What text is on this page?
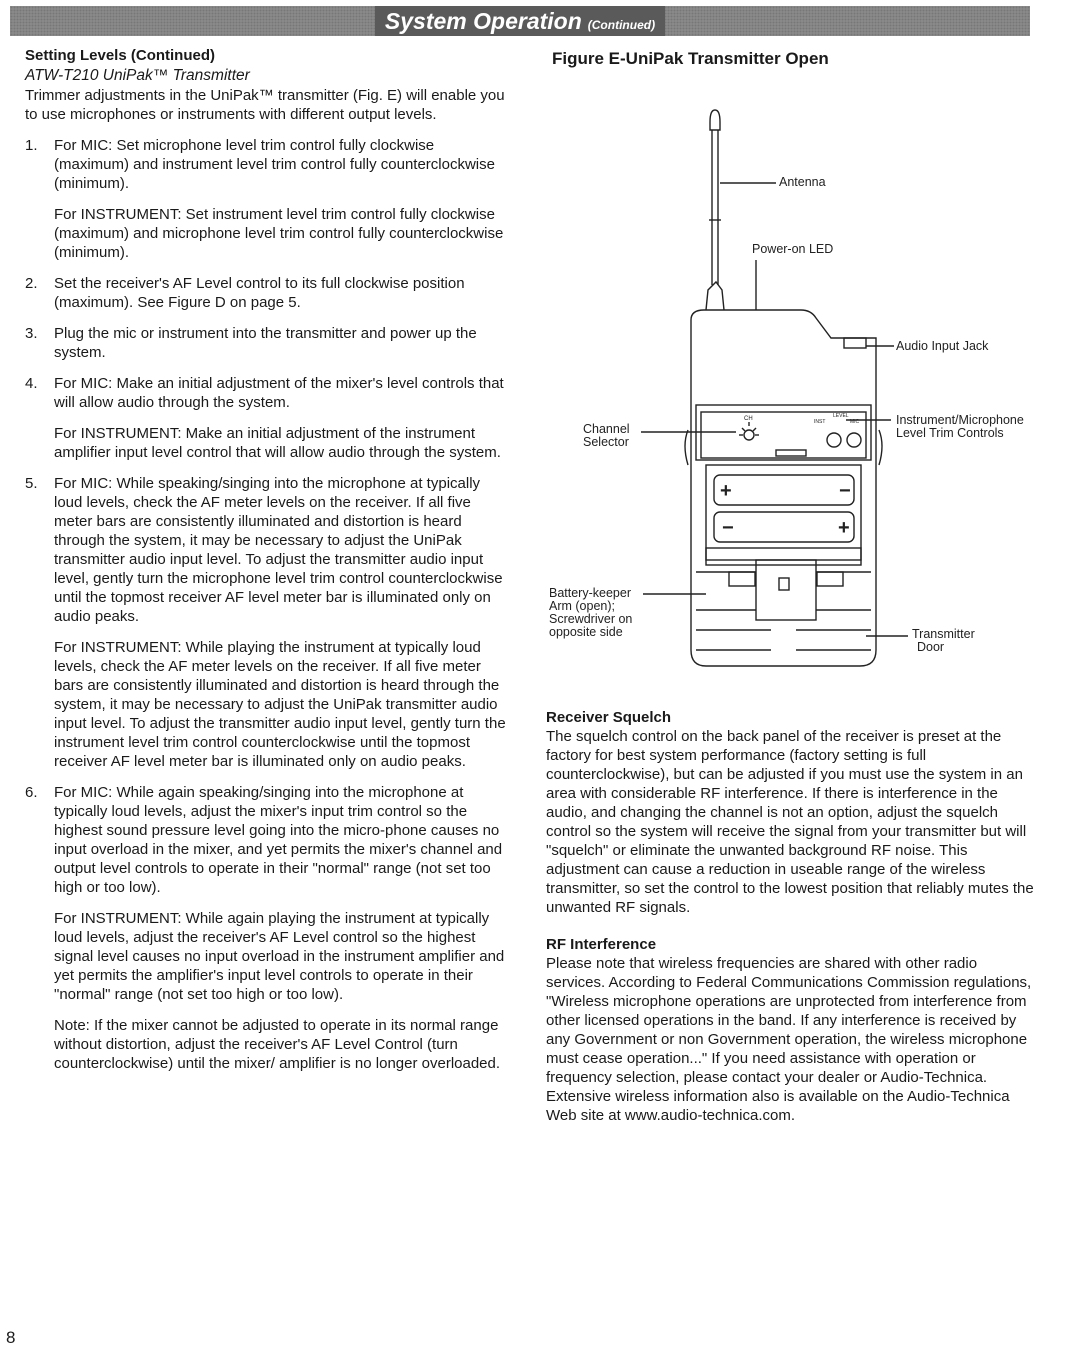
System Operation (Continued)
Setting Levels (Continued)
ATW-T210 UniPak™ Transmitter

Trimmer adjustments in the UniPak™ transmitter (Fig. E) will enable you to use microphones or instruments with different output levels.

1. For MIC: Set microphone level trim control fully clockwise (maximum) and instrument level trim control fully counterclockwise (minimum).

For INSTRUMENT: Set instrument level trim control fully clockwise (maximum) and microphone level trim control fully counterclockwise (minimum).

2. Set the receiver's AF Level control to its full clockwise position (maximum). See Figure D on page 5.

3. Plug the mic or instrument into the transmitter and power up the system.

4. For MIC: Make an initial adjustment of the mixer's level controls that will allow audio through the system.

For INSTRUMENT: Make an initial adjustment of the instrument amplifier input level control that will allow audio through the system.

5. For MIC: While speaking/singing into the microphone at typically loud levels, check the AF meter levels on the receiver. If all five meter bars are consistently illuminated and distortion is heard through the system, it may be necessary to adjust the UniPak transmitter audio input level. To adjust the transmitter audio input level, gently turn the microphone level trim control counterclockwise until the topmost receiver AF level meter bar is illuminated only on audio peaks.

For INSTRUMENT: While playing the instrument at typically loud levels, check the AF meter levels on the receiver. If all five meter bars are consistently illuminated and distortion is heard through the system, it may be necessary to adjust the UniPak transmitter audio input level. To adjust the transmitter audio input level, gently turn the instrument level trim control counterclockwise until the topmost receiver AF level meter bar is illuminated only on audio peaks.

6. For MIC: While again speaking/singing into the microphone at typically loud levels, adjust the mixer's input trim control so the highest sound pressure level going into the micro-phone causes no input overload in the mixer, and yet permits the mixer's channel and output level controls to operate in their "normal" range (not set too high or too low).

For INSTRUMENT: While again playing the instrument at typically loud levels, adjust the receiver's AF Level control so the highest signal level causes no input overload in the instrument amplifier and yet permits the amplifier's input level controls to operate in their "normal" range (not set too high or too low).

Note: If the mixer cannot be adjusted to operate in its normal range without distortion, adjust the receiver's AF Level Control (turn counterclockwise) until the mixer/ amplifier is no longer overloaded.

Figure E-UniPak Transmitter Open
+	−
−	+
CH	INST
LEVEL
MIC
Antenna
Power-on LED
Audio Input Jack
Instrument/Microphone
Level Trim Controls
Channel
Selector
Battery-keeper
Arm (open);
Screwdriver on
opposite side	Transmitter
Door
Receiver Squelch

The squelch control on the back panel of the receiver is preset at the factory for best system performance (factory setting is full counterclockwise), but can be adjusted if you must use the system in an area with considerable RF interference. If there is interference in the audio, and changing the channel is not an option, adjust the squelch control so the system will receive the signal from your transmitter but will "squelch" or eliminate the unwanted background RF noise. This adjustment can cause a reduction in useable range of the wireless transmitter, so set the control to the lowest position that reliably mutes the unwanted RF signals.

RF Interference

Please note that wireless frequencies are shared with other radio services. According to Federal Communications Commission regulations, "Wireless microphone operations are unprotected from interference from other licensed operations in the band. If any interference is received by any Government or non Government operation, the wireless microphone must cease operation..." If you need assistance with operation or frequency selection, please contact your dealer or Audio-Technica. Extensive wireless information also is available on the Audio-Technica Web site at www.audio-technica.com.

8
